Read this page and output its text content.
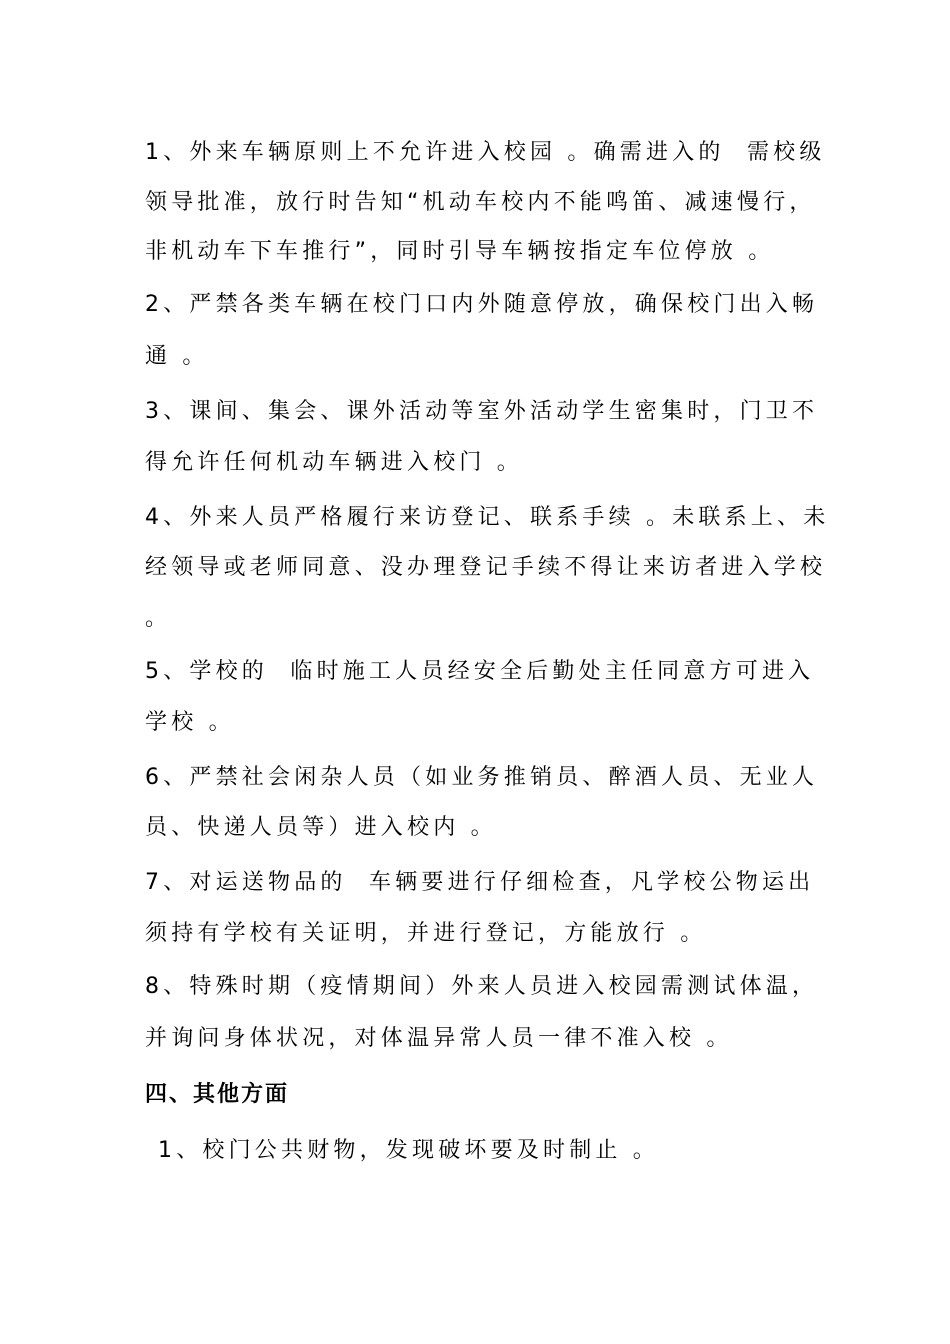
1、外来车辆原则上不允许进入校园 。确需进入的  需校级

领导批准，放行时告知“机动车校内不能鸣笛、减速慢行，

非机动车下车推行”，同时引导车辆按指定车位停放 。

2、严禁各类车辆在校门口内外随意停放，确保校门出入畅

通 。

3、课间、集会、课外活动等室外活动学生密集时，门卫不

得允许任何机动车辆进入校门 。

4、外来人员严格履行来访登记、联系手续 。未联系上、未

经领导或老师同意、没办理登记手续不得让来访者进入学校

。

5、学校的  临时施工人员经安全后勤处主任同意方可进入

学校 。

6、严禁社会闲杂人员（如业务推销员、醉酒人员、无业人

员、快递人员等）进入校内 。

7、对运送物品的  车辆要进行仔细检查，凡学校公物运出

须持有学校有关证明，并进行登记，方能放行 。

8、特殊时期（疫情期间）外来人员进入校园需测试体温，

并询问身体状况，对体温异常人员一律不准入校 。

四、其他方面

1、校门公共财物，发现破坏要及时制止 。
